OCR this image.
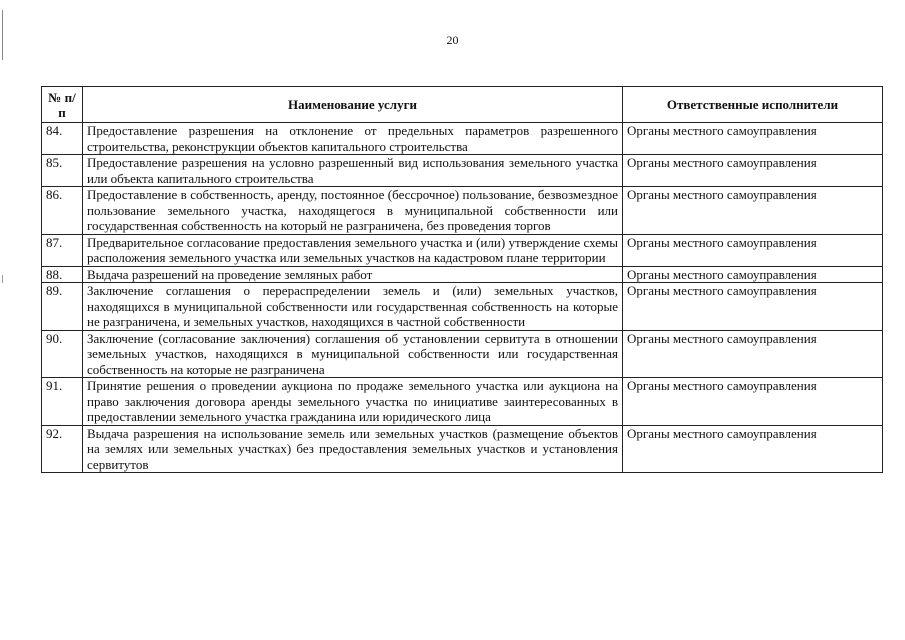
20
№ п/п	Наименование услуги	Ответственные исполнители
84.	Предоставление разрешения на отклонение от предельных параметров разрешенного строительства, реконструкции объектов капитального строительства	Органы местного самоуправления
85.	Предоставление разрешения на условно разрешенный вид использования земельного участка или объекта капитального строительства	Органы местного самоуправления
86.	Предоставление в собственность, аренду, постоянное (бессрочное) пользование, безвозмездное пользование земельного участка, находящегося в муниципальной собственности или государственная собственность на который не разграничена, без проведения торгов	Органы местного самоуправления
87.	Предварительное согласование предоставления земельного участка и (или) утверждение схемы расположения земельного участка или земельных участков на кадастровом плане территории	Органы местного самоуправления
88.	Выдача разрешений на проведение земляных работ	Органы местного самоуправления
89.	Заключение соглашения о перераспределении земель и (или) земельных участков, находящихся в муниципальной собственности или государственная собственность на которые не разграничена, и земельных участков, находящихся в частной собственности	Органы местного самоуправления
90.	Заключение (согласование заключения) соглашения об установлении сервитута в отношении земельных участков, находящихся в муниципальной собственности или государственная собственность на которые не разграничена	Органы местного самоуправления
91.	Принятие решения о проведении аукциона по продаже земельного участка или аукциона на право заключения договора аренды земельного участка по инициативе заинтересованных в предоставлении земельного участка гражданина или юридического лица	Органы местного самоуправления
92.	Выдача разрешения на использование земель или земельных участков (размещение объектов на землях или земельных участках) без предоставления земельных участков и установления сервитутов	Органы местного самоуправления
